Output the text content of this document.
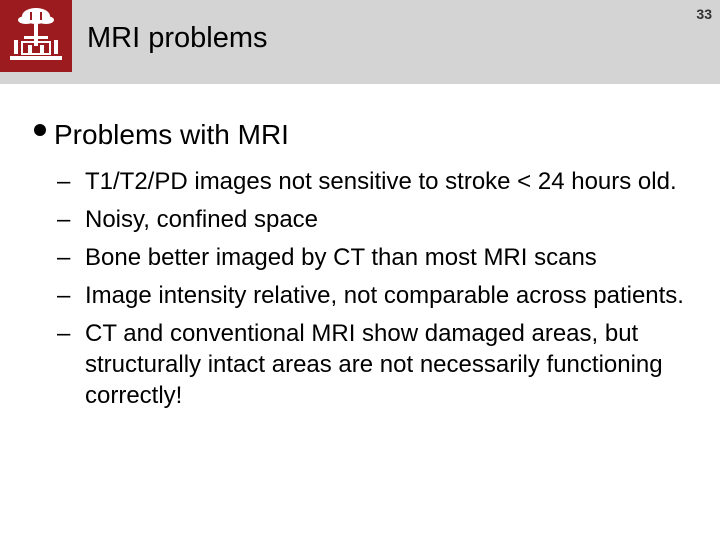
MRI problems
33
Problems with MRI
– T1/T2/PD images not sensitive to stroke < 24 hours old.
– Noisy, confined space
– Bone better imaged by CT than most MRI scans
– Image intensity relative, not comparable across patients.
– CT and conventional MRI show damaged areas, but structurally intact areas are not necessarily functioning correctly!
